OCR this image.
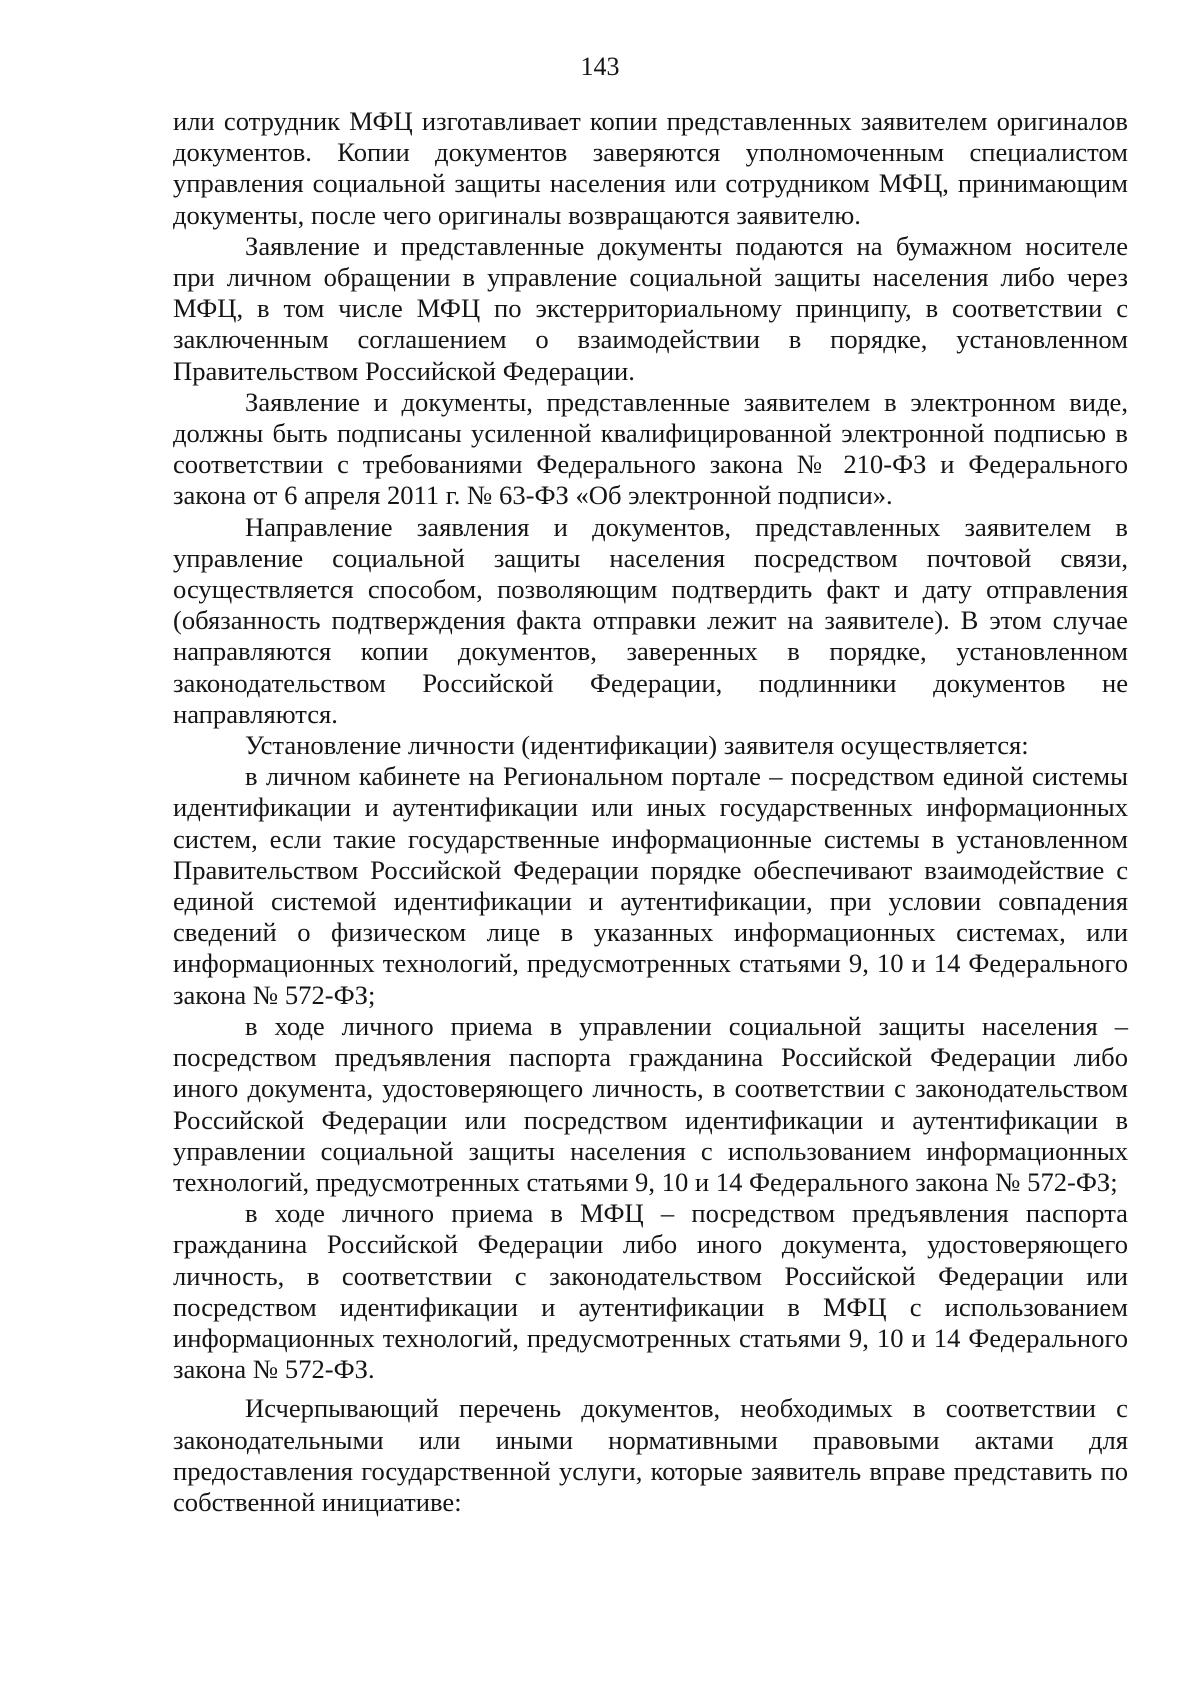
143

или сотрудник МФЦ изготавливает копии представленных заявителем оригиналов документов. Копии документов заверяются уполномоченным специалистом управления социальной защиты населения или сотрудником МФЦ, принимающим документы, после чего оригиналы возвращаются заявителю.

Заявление и представленные документы подаются на бумажном носителе при личном обращении в управление социальной защиты населения либо через МФЦ, в том числе МФЦ по экстерриториальному принципу, в соответствии с заключенным соглашением о взаимодействии в порядке, установленном Правительством Российской Федерации.

Заявление и документы, представленные заявителем в электронном виде, должны быть подписаны усиленной квалифицированной электронной подписью в соответствии с требованиями Федерального закона № 210-ФЗ и Федерального закона от 6 апреля 2011 г. № 63-ФЗ «Об электронной подписи».

Направление заявления и документов, представленных заявителем в управление социальной защиты населения посредством почтовой связи, осуществляется способом, позволяющим подтвердить факт и дату отправления (обязанность подтверждения факта отправки лежит на заявителе). В этом случае направляются копии документов, заверенных в порядке, установленном законодательством Российской Федерации, подлинники документов не направляются.

Установление личности (идентификации) заявителя осуществляется:

в личном кабинете на Региональном портале – посредством единой системы идентификации и аутентификации или иных государственных информационных систем, если такие государственные информационные системы в установленном Правительством Российской Федерации порядке обеспечивают взаимодействие с единой системой идентификации и аутентификации, при условии совпадения сведений о физическом лице в указанных информационных системах, или информационных технологий, предусмотренных статьями 9, 10 и 14 Федерального закона № 572-ФЗ;

в ходе личного приема в управлении социальной защиты населения – посредством предъявления паспорта гражданина Российской Федерации либо иного документа, удостоверяющего личность, в соответствии с законодательством Российской Федерации или посредством идентификации и аутентификации в управлении социальной защиты населения с использованием информационных технологий, предусмотренных статьями 9, 10 и 14 Федерального закона № 572-ФЗ;

в ходе личного приема в МФЦ – посредством предъявления паспорта гражданина Российской Федерации либо иного документа, удостоверяющего личность, в соответствии с законодательством Российской Федерации или посредством идентификации и аутентификации в МФЦ с использованием информационных технологий, предусмотренных статьями 9, 10 и 14 Федерального закона № 572-ФЗ.

Исчерпывающий перечень документов, необходимых в соответствии с законодательными или иными нормативными правовыми актами для предоставления государственной услуги, которые заявитель вправе представить по собственной инициативе:
